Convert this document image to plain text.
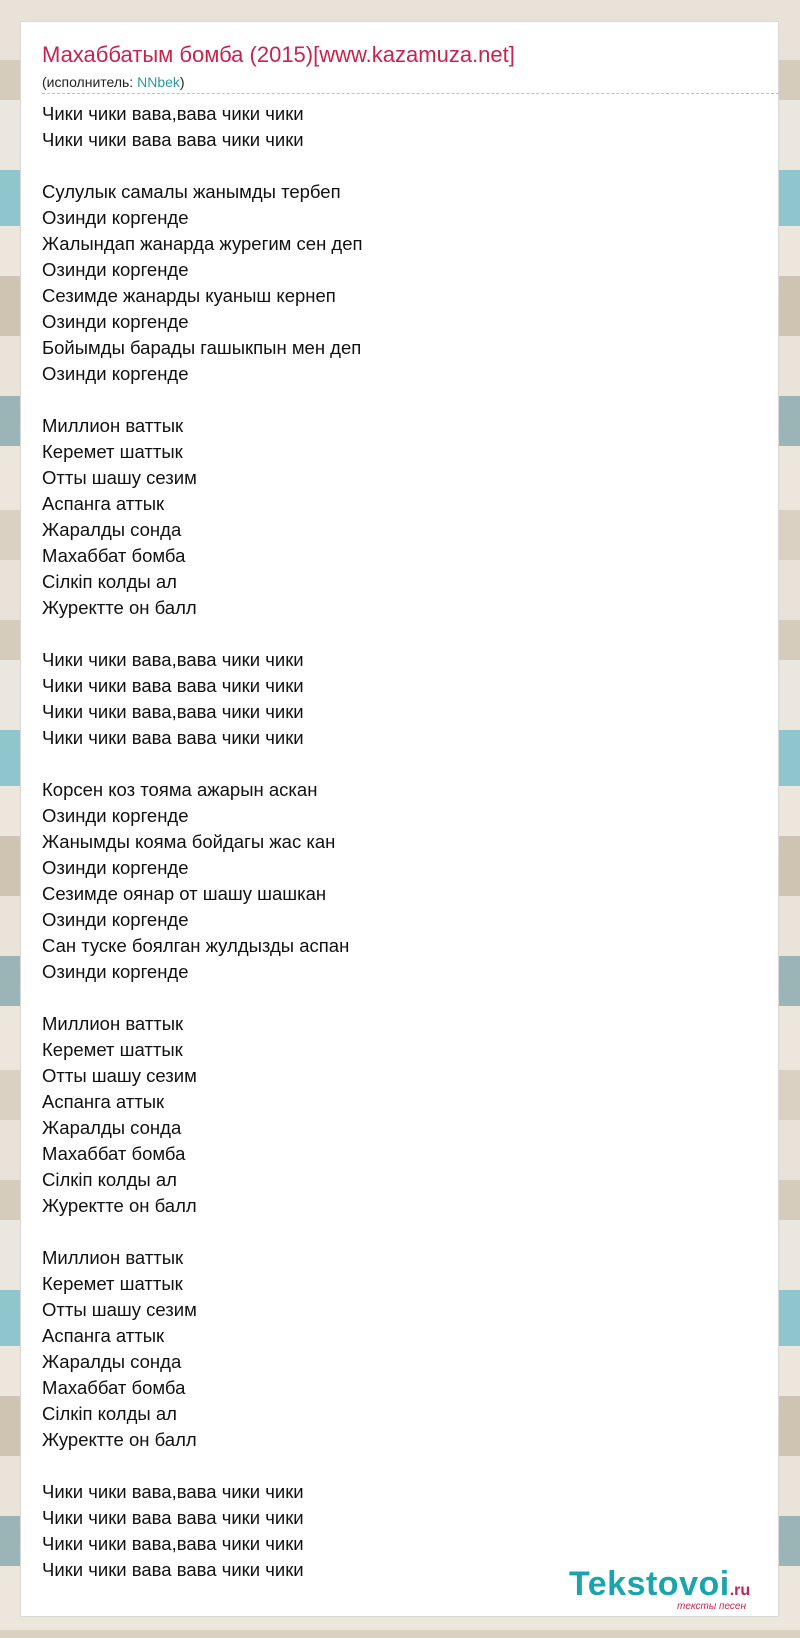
Махаббатым бомба (2015)[www.kazamuza.net]
(исполнитель: NNbek)
Чики чики вава,вава чики чики
Чики чики вава вава чики чики

Сулулык самалы жанымды тербеп
Озинди коргенде
Жалындап жанарда журегим сен деп
Озинди коргенде
Сезимде жанарды куаныш кернеп
Озинди коргенде
Бойымды барады гашыкпын мен деп
Озинди коргенде

Миллион ваттык
Керемет шаттык
Отты шашу сезим
Аспанга аттык
Жаралды сонда
Махаббат бомба
Сілкіп колды ал
Журектте он балл

Чики чики вава,вава чики чики
Чики чики вава вава чики чики
Чики чики вава,вава чики чики
Чики чики вава вава чики чики

Корсен коз тояма ажарын аскан
Озинди коргенде
Жанымды кояма бойдагы жас кан
Озинди коргенде
Сезимде оянар от шашу шашкан
Озинди коргенде
Сан туске боялган жулдызды аспан
Озинди коргенде

Миллион ваттык
Керемет шаттык
Отты шашу сезим
Аспанга аттык
Жаралды сонда
Махаббат бомба
Сілкіп колды ал
Журектте он балл

Миллион ваттык
Керемет шаттык
Отты шашу сезим
Аспанга аттык
Жаралды сонда
Махаббат бомба
Сілкіп колды ал
Журектте он балл

Чики чики вава,вава чики чики
Чики чики вава вава чики чики
Чики чики вава,вава чики чики
Чики чики вава вава чики чики	Tekstovoi.ru
тексты песен
